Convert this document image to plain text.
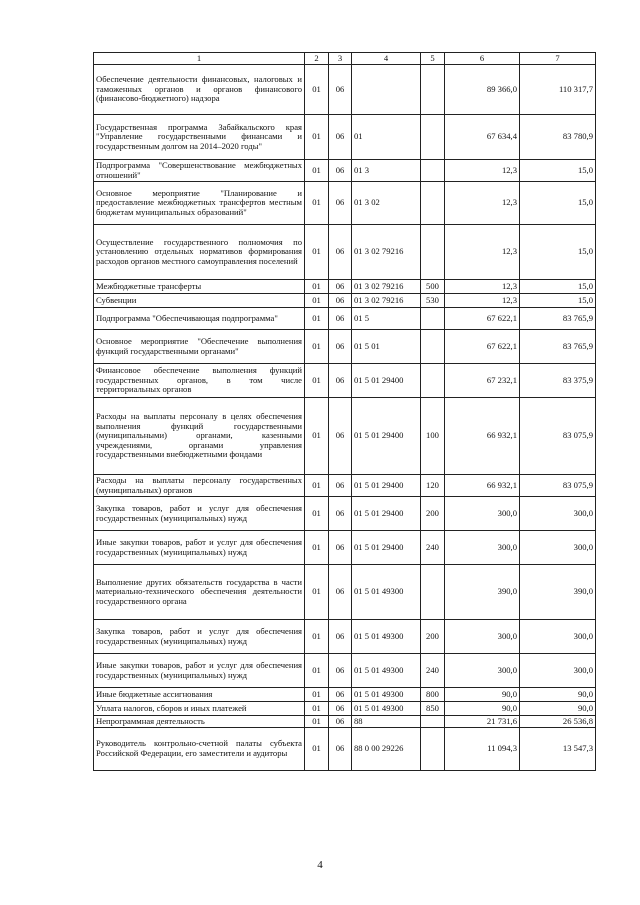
1	2	3	4	5	6	7
Обеспечение деятельности финансовых, налоговых и таможенных органов и органов финансового (финансово-бюджетного) надзора	01	06			89 366,0	110 317,7
Государственная программа Забайкальского края "Управление государственными финансами и государственным долгом на 2014–2020 годы"	01	06	01		67 634,4	83 780,9
Подпрограмма "Совершенствование межбюджетных отношений"	01	06	01 3		12,3	15,0
Основное мероприятие "Планирование и предоставление межбюджетных трансфертов местным бюджетам муниципальных образований"	01	06	01 3 02		12,3	15,0
Осуществление государственного полномочия по установлению отдельных нормативов формирования расходов органов местного самоуправления поселений	01	06	01 3 02 79216		12,3	15,0
Межбюджетные трансферты	01	06	01 3 02 79216	500	12,3	15,0
Субвенции	01	06	01 3 02 79216	530	12,3	15,0
Подпрограмма "Обеспечивающая подпрограмма"	01	06	01 5		67 622,1	83 765,9
Основное мероприятие "Обеспечение выполнения функций государственными органами"	01	06	01 5 01		67 622,1	83 765,9
Финансовое обеспечение выполнения функций государственных органов, в том числе территориальных органов	01	06	01 5 01 29400		67 232,1	83 375,9
Расходы на выплаты персоналу в целях обеспечения выполнения функций государственными (муниципальными) органами, казенными учреждениями, органами управления государственными внебюджетными фондами	01	06	01 5 01 29400	100	66 932,1	83 075,9
Расходы на выплаты персоналу государственных (муниципальных) органов	01	06	01 5 01 29400	120	66 932,1	83 075,9
Закупка товаров, работ и услуг для обеспечения государственных (муниципальных) нужд	01	06	01 5 01 29400	200	300,0	300,0
Иные закупки товаров, работ и услуг для обеспечения государственных (муниципальных) нужд	01	06	01 5 01 29400	240	300,0	300,0
Выполнение других обязательств государства в части материально-технического обеспечения деятельности государственного органа	01	06	01 5 01 49300		390,0	390,0
Закупка товаров, работ и услуг для обеспечения государственных (муниципальных) нужд	01	06	01 5 01 49300	200	300,0	300,0
Иные закупки товаров, работ и услуг для обеспечения государственных (муниципальных) нужд	01	06	01 5 01 49300	240	300,0	300,0
Иные бюджетные ассигнования	01	06	01 5 01 49300	800	90,0	90,0
Уплата налогов, сборов и иных платежей	01	06	01 5 01 49300	850	90,0	90,0
Непрограммная деятельность	01	06	88		21 731,6	26 536,8
Руководитель контрольно-счетной палаты субъекта Российской Федерации, его заместители и аудиторы	01	06	88 0 00 29226		11 094,3	13 547,3
4
